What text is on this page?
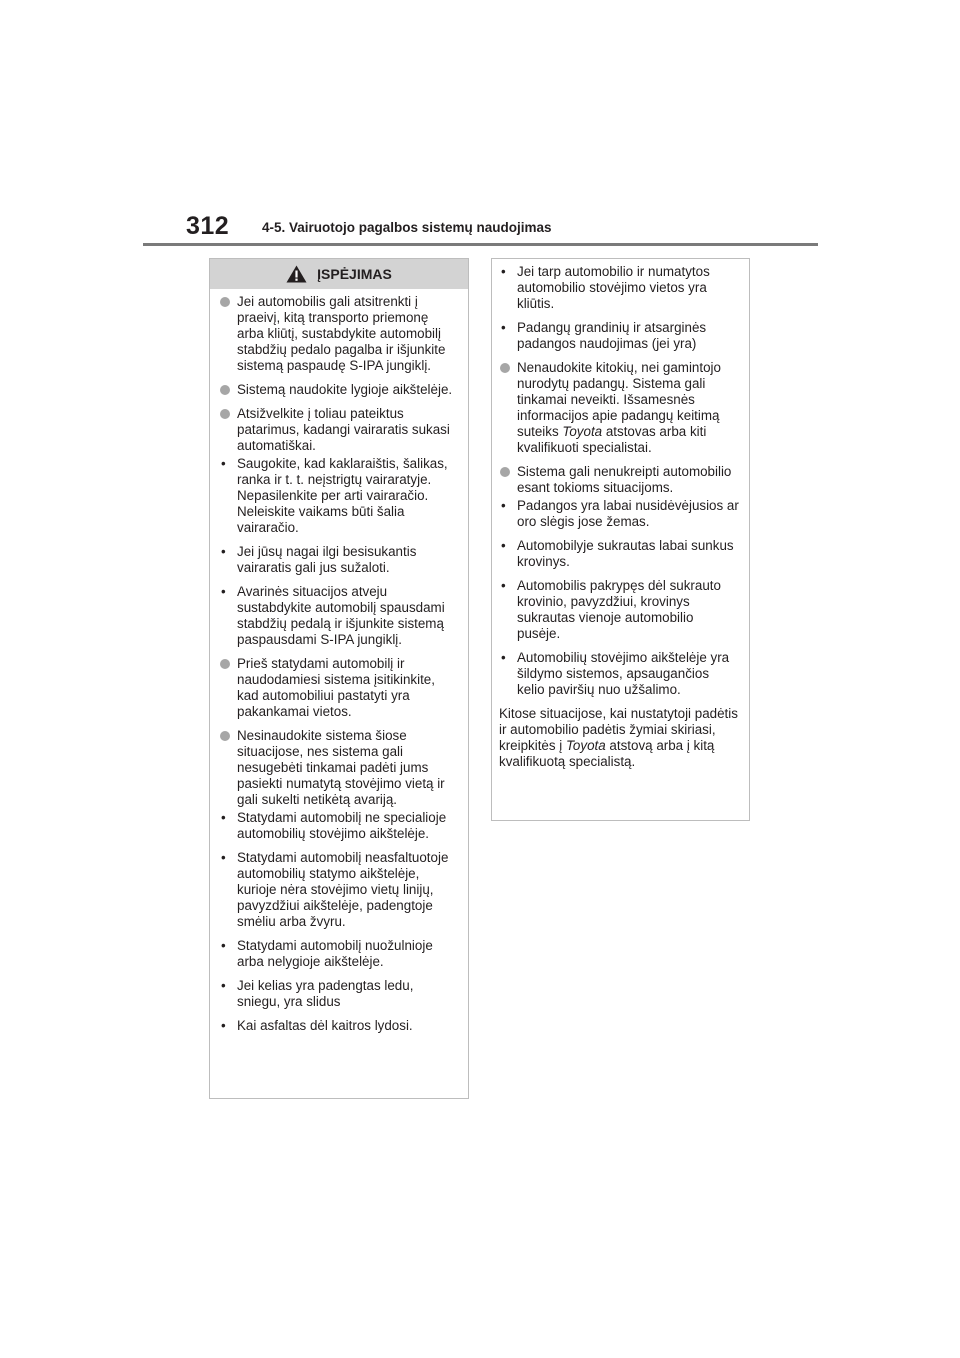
312 4-5. Vairuotojo pagalbos sistemų naudojimas
ĮSPĖJIMAS
Jei automobilis gali atsitrenkti į praeivį, kitą transporto priemonę arba kliūtį, sustabdykite automobilį stabdžių pedalo pagalba ir išjunkite sistemą paspaudę S-IPA jungiklį.
Sistemą naudokite lygioje aikštelėje.
Atsižvelkite į toliau pateiktus patarimus, kadangi vairaratis sukasi automatiškai.
• Saugokite, kad kaklaraištis, šalikas, ranka ir t. t. neįstrigtų vairaratyje. Nepasilenkite per arti vairaračio. Neleiskite vaikams būti šalia vairaračio.
• Jei jūsų nagai ilgi besisukantis vairaratis gali jus sužaloti.
• Avarinės situacijos atveju sustabdykite automobilį spausdami stabdžių pedalą ir išjunkite sistemą paspausdami S-IPA jungiklį.
Prieš statydami automobilį ir naudodamiesi sistema įsitikinkite, kad automobiliui pastatyti yra pakankamai vietos.
Nesinaudokite sistema šiose situacijose, nes sistema gali nesugebėti tinkamai padėti jums pasiekti numatytą stovėjimo vietą ir gali sukelti netikėtą avariją.
• Statydami automobilį ne specialioje automobilių stovėjimo aikštelėje.
• Statydami automobilį neasfaltuotoje automobilių statymo aikštelėje, kurioje nėra stovėjimo vietų linijų, pavyzdžiui aikštelėje, padengtoje smėliu arba žvyru.
• Statydami automobilį nuožulnioje arba nelygioje aikštelėje.
• Jei kelias yra padengtas ledu, sniegu, yra slidus
• Kai asfaltas dėl kaitros lydosi.
• Jei tarp automobilio ir numatytos automobilio stovėjimo vietos yra kliūtis.
• Padangų grandinių ir atsarginės padangos naudojimas (jei yra)
Nenaudokite kitokių, nei gamintojo nurodytų padangų. Sistema gali tinkamai neveikti. Išsamesnės informacijos apie padangų keitimą suteiks Toyota atstovas arba kiti kvalifikuoti specialistai.
Sistema gali nenukreipti automobilio esant tokioms situacijoms.
• Padangos yra labai nusidėvėjusios ar oro slėgis jose žemas.
• Automobilyje sukrautas labai sunkus krovinys.
• Automobilis pakrypęs dėl sukrauto krovinio, pavyzdžiui, krovinys sukrautas vienoje automobilio pusėje.
• Automobilių stovėjimo aikštelėje yra šildymo sistemos, apsaugančios kelio paviršių nuo užšalimo.
Kitose situacijose, kai nustatytoji padėtis ir automobilio padėtis žymiai skiriasi, kreipkitės į Toyota atstovą arba į kitą kvalifikuotą specialistą.
